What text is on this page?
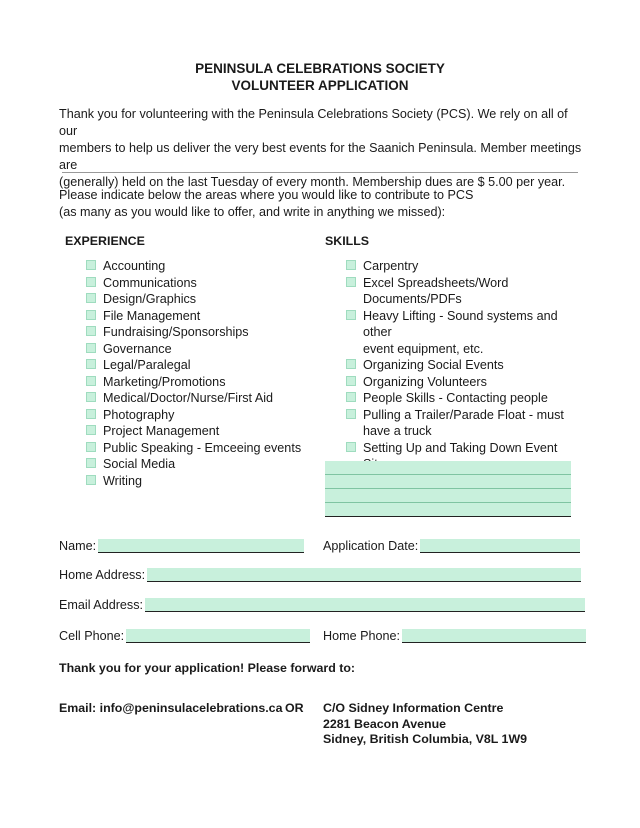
PENINSULA CELEBRATIONS SOCIETY
VOLUNTEER APPLICATION
Thank you for volunteering with the Peninsula Celebrations Society (PCS). We rely on all of our
members to help us deliver the very best events for the Saanich Peninsula. Member meetings are
(generally) held on the last Tuesday of every month. Membership dues are $ 5.00 per year.
Please indicate below the areas where you would like to contribute to PCS
(as many as you would like to offer, and write in anything we missed):
EXPERIENCE	SKILLS
Accounting
Communications
Design/Graphics
File Management
Fundraising/Sponsorships
Governance
Legal/Paralegal
Marketing/Promotions
Medical/Doctor/Nurse/First Aid
Photography
Project Management
Public Speaking - Emceeing events
Social Media
Writing
Carpentry
Excel Spreadsheets/Word
Documents/PDFs
Heavy Lifting - Sound systems and other
event equipment, etc.
Organizing Social Events
Organizing Volunteers
People Skills - Contacting people
Pulling a Trailer/Parade Float - must
have a truck
Setting Up and Taking Down Event
Name:	Application Date:
Home Address:
Email Address:
Cell Phone:	Home Phone:
Thank you for your application! Please forward to:
Email: info@peninsulacelebrations.ca OR C/O Sidney Information Centre
2281 Beacon Avenue
Sidney, British Columbia, V8L 1W9
